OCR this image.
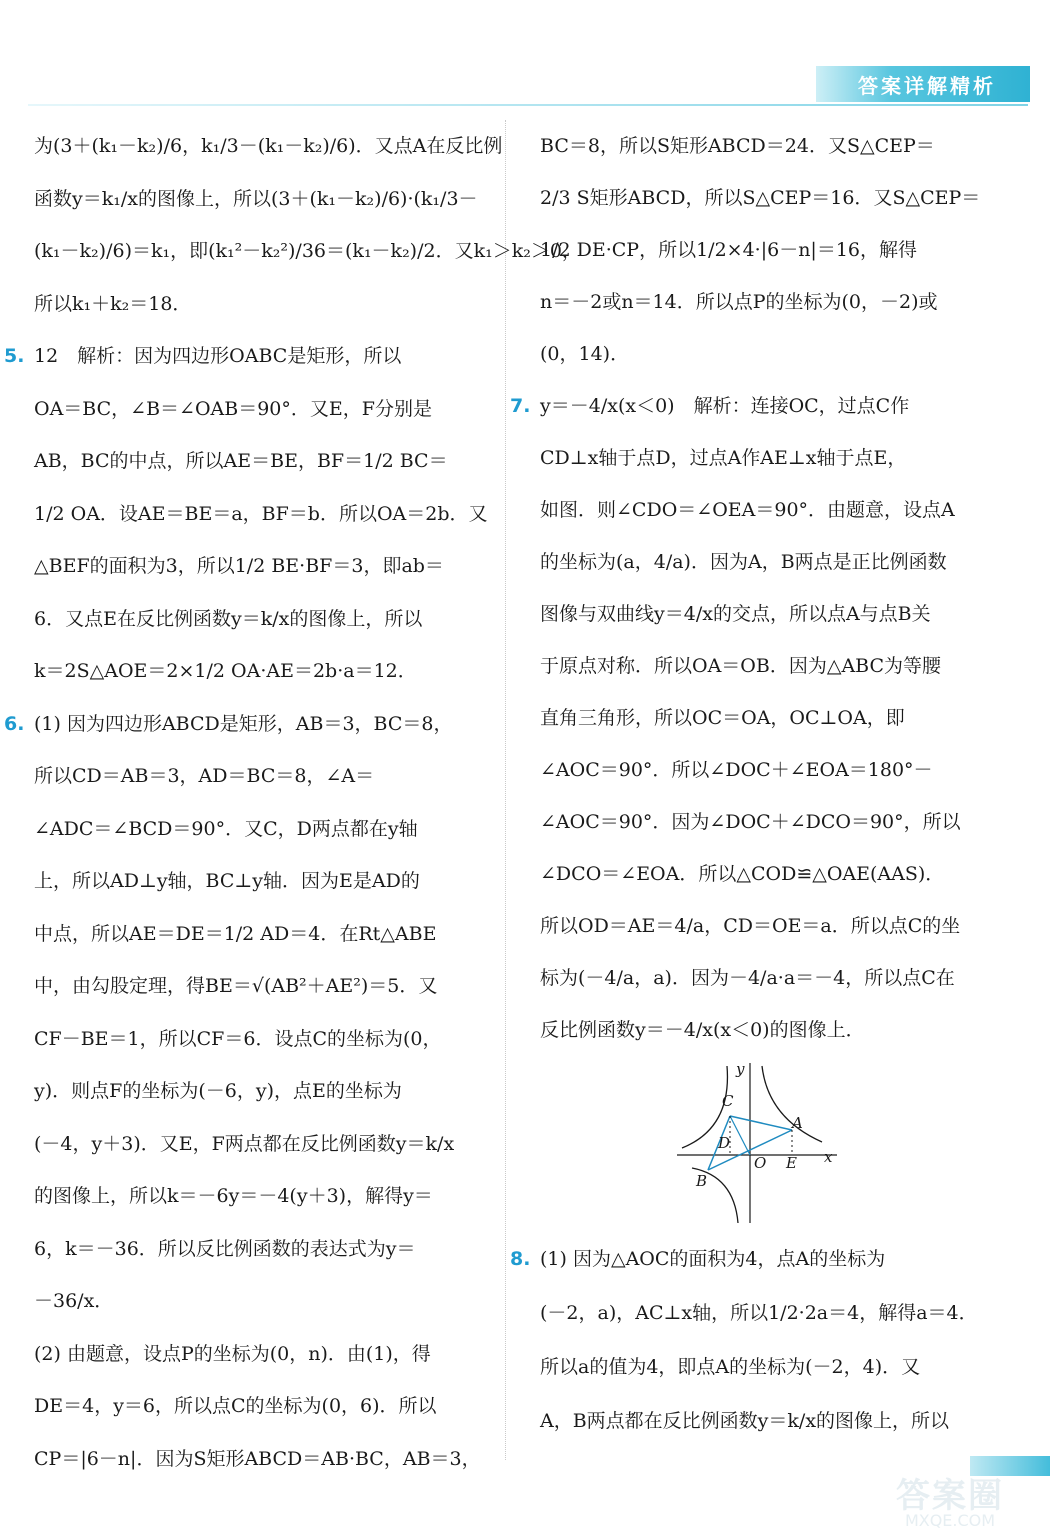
答案详解精析
为(3＋(k₁－k₂)/6，k₁/3－(k₁－k₂)/6)．又点A在反比例
函数y＝k₁/x的图像上，所以(3＋(k₁－k₂)/6)·(k₁/3－
(k₁－k₂)/6)＝k₁，即(k₁²－k₂²)/36＝(k₁－k₂)/2．又k₁＞k₂＞0，
所以k₁＋k₂＝18．
5. 12　解析：因为四边形OABC是矩形，所以
OA＝BC，∠B＝∠OAB＝90°．又E，F分别是
AB，BC的中点，所以AE＝BE，BF＝1/2 BC＝
1/2 OA．设AE＝BE＝a，BF＝b．所以OA＝2b．又
△BEF的面积为3，所以1/2 BE·BF＝3，即ab＝
6．又点E在反比例函数y＝k/x的图像上，所以
k＝2S△AOE＝2×1/2 OA·AE＝2b·a＝12．
6. (1) 因为四边形ABCD是矩形，AB＝3，BC＝8，
所以CD＝AB＝3，AD＝BC＝8，∠A＝
∠ADC＝∠BCD＝90°．又C，D两点都在y轴
上，所以AD⊥y轴，BC⊥y轴．因为E是AD的
中点，所以AE＝DE＝1/2 AD＝4．在Rt△ABE
中，由勾股定理，得BE＝√(AB²＋AE²)＝5．又
CF－BE＝1，所以CF＝6．设点C的坐标为(0，
y)．则点F的坐标为(－6，y)，点E的坐标为
(－4，y＋3)．又E，F两点都在反比例函数y＝k/x
的图像上，所以k＝－6y＝－4(y＋3)，解得y＝
6，k＝－36．所以反比例函数的表达式为y＝
－36/x．
(2) 由题意，设点P的坐标为(0，n)．由(1)，得
DE＝4，y＝6，所以点C的坐标为(0，6)．所以
CP＝|6－n|．因为S矩形ABCD＝AB·BC，AB＝3，
BC＝8，所以S矩形ABCD＝24．又S△CEP＝
2/3 S矩形ABCD，所以S△CEP＝16．又S△CEP＝
1/2 DE·CP，所以1/2×4·|6－n|＝16，解得
n＝－2或n＝14．所以点P的坐标为(0，－2)或
(0，14)．
7. y＝－4/x(x＜0)　解析：连接OC，过点C作
CD⊥x轴于点D，过点A作AE⊥x轴于点E，
如图．则∠CDO＝∠OEA＝90°．由题意，设点A
的坐标为(a，4/a)．因为A，B两点是正比例函数
图像与双曲线y＝4/x的交点，所以点A与点B关
于原点对称．所以OA＝OB．因为△ABC为等腰
直角三角形，所以OC＝OA，OC⊥OA，即
∠AOC＝90°．所以∠DOC＋∠EOA＝180°－
∠AOC＝90°．因为∠DOC＋∠DCO＝90°，所以
∠DCO＝∠EOA．所以△COD≌△OAE(AAS)．
所以OD＝AE＝4/a，CD＝OE＝a．所以点C的坐
标为(－4/a，a)．因为－4/a·a＝－4，所以点C在
反比例函数y＝－4/x(x＜0)的图像上．
8. (1) 因为△AOC的面积为4，点A的坐标为
(－2，a)，AC⊥x轴，所以1/2·2a＝4，解得a＝4．
所以a的值为4，即点A的坐标为(－2，4)．又
A，B两点都在反比例函数y＝k/x的图像上，所以
y
C
D
A
O E x
B
答案圈
MXQE.COM
